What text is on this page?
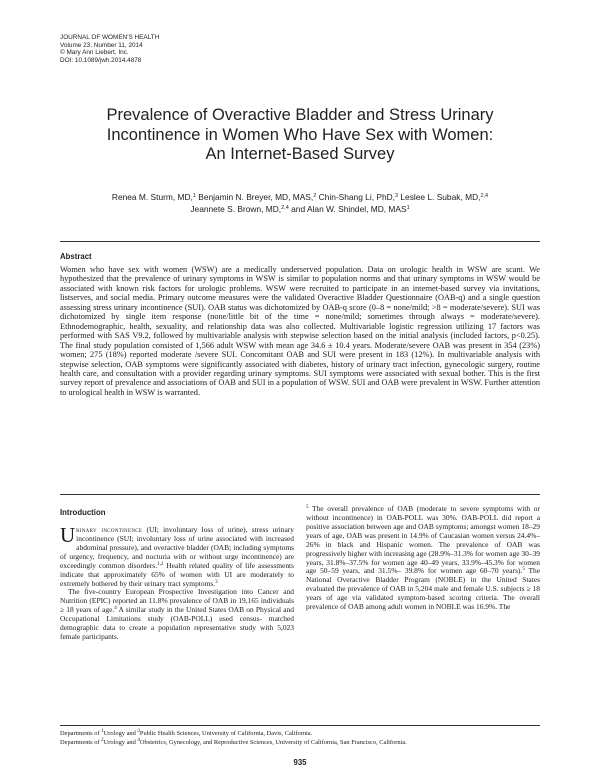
JOURNAL OF WOMEN'S HEALTH
Volume 23, Number 11, 2014
© Mary Ann Liebert, Inc.
DOI: 10.1089/jwh.2014.4878
Prevalence of Overactive Bladder and Stress Urinary
Incontinence in Women Who Have Sex with Women:
An Internet-Based Survey
Renea M. Sturm, MD,$^1$ Benjamin N. Breyer, MD, MAS,$^2$ Chin-Shang Li, PhD,$^3$ Leslee L. Subak, MD,$^{2,4}$
Jeannete S. Brown, MD,$^{2,4}$ and Alan W. Shindel, MD, MAS$^1$
Abstract
Women who have sex with women (WSW) are a medically underserved population. Data on urologic health in WSW are scant. We hypothesized that the prevalence of urinary symptoms in WSW is similar to population norms and that urinary symptoms in WSW would be associated with known risk factors for urologic problems. WSW were recruited to participate in an internet-based survey via invitations, listserves, and social media. Primary outcome measures were the validated Overactive Bladder Questionnaire (OAB-q) and a single question assessing stress urinary incontinence (SUI). OAB status was dichotomized by OAB-q score (0–8 = none/mild; >8 = moderate/severe). SUI was dichotomized by single item response (none/little bit of the time = none/mild; sometimes through always = moderate/severe). Ethnodemographic, health, sexuality, and relationship data was also collected. Multivariable logistic regression utilizing 17 factors was performed with SAS V9.2, followed by multivariable analysis with stepwise selection based on the initial analysis (included factors, p<0.25). The final study population consisted of 1,566 adult WSW with mean age 34.6 ± 10.4 years. Moderate/severe OAB was present in 354 (23%) women; 275 (18%) reported moderate /severe SUI. Concomitant OAB and SUI were present in 183 (12%). In multivariable analysis with stepwise selection, OAB symptoms were significantly associated with diabetes, history of urinary tract infection, gynecologic surgery, routine health care, and consultation with a provider regarding urinary symptoms. SUI symptoms were associated with sexual bother. This is the first survey report of prevalence and associations of OAB and SUI in a population of WSW. SUI and OAB were prevalent in WSW. Further attention to urological health in WSW is warranted.
Introduction

Urinary incontinence (UI; involuntary loss of urine), stress urinary incontinence (SUI; involuntary loss of urine associated with increased abdominal pressure), and overactive bladder (OAB; including symptoms of urgency, frequency, and nocturia with or without urge incontinence) are exceedingly common disorders.$^{1,2}$ Health related quality of life assessments indicate that approximately 65% of women with UI are moderately to extremely bothered by their urinary tract symptoms.$^3$

The five-country European Prospective Investigation into Cancer and Nutrition (EPIC) reported an 11.8% prevalence of OAB in 19,165 individuals ≥ 18 years of age.$^4$ A similar study in the United States OAB on Physical and Occupational Limitations study (OAB-POLL) used census- matched demographic data to create a population representative study with 5,023 female participants.

$^5$ The overall prevalence of OAB (moderate to severe symptoms with or without incontinence) in OAB-POLL was 30%. OAB-POLL did report a positive association between age and OAB symptoms; amongst women 18–29 years of age, OAB was present in 14.9% of Caucasian women versus 24.4%–26% in black and Hispanic women. The prevalence of OAB was progressively higher with increasing age (28.9%–31.3% for women age 30–39 years, 31.8%–37.5% for women age 40–49 years, 33.9%–45.3% for women age 50–59 years, and 31.5%– 39.8% for women age 60–70 years).$^5$ The National Overactive Bladder Program (NOBLE) in the United States evaluated the prevalence of OAB in 5,204 male and female U.S. subjects ≥ 18 years of age via validated symptom-based scoring criteria. The overall prevalence of OAB among adult women in NOBLE was 16.9%. The

Departments of $^1$Urology and $^3$Public Health Sciences, University of California, Davis, California.
Departments of $^2$Urology and $^4$Obstetrics, Gynecology, and Reproductive Sciences, University of California, San Francisco, California.
935
